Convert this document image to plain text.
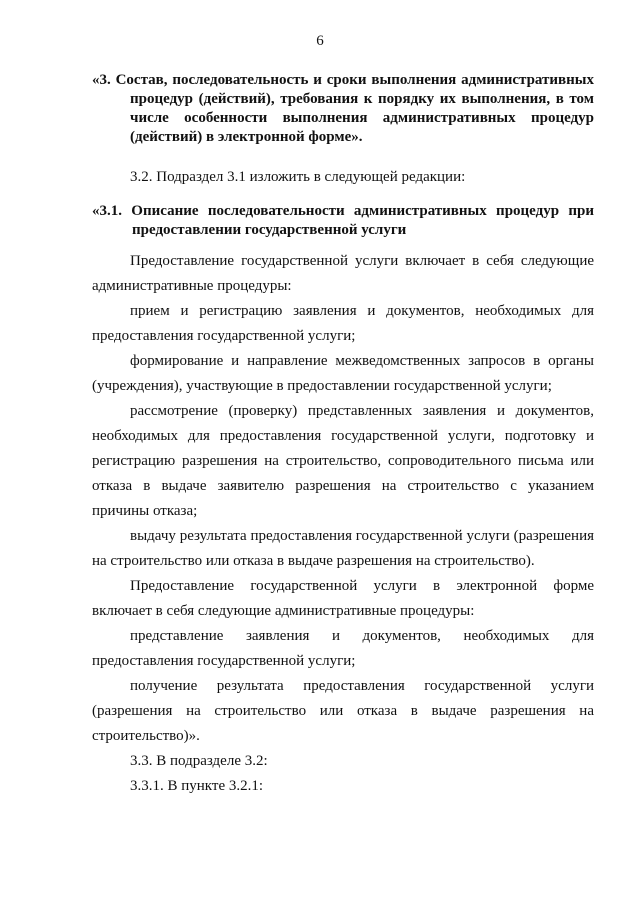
6

«3. Состав, последовательность и сроки выполнения административных процедур (действий), требования к порядку их выполнения, в том числе особенности выполнения административных процедур (действий) в электронной форме».

3.2. Подраздел 3.1 изложить в следующей редакции:

«3.1. Описание последовательности административных процедур при предоставлении государственной услуги

Предоставление государственной услуги включает в себя следующие административные процедуры:

прием и регистрацию заявления и документов, необходимых для предоставления государственной услуги;

формирование и направление межведомственных запросов в органы (учреждения), участвующие в предоставлении государственной услуги;

рассмотрение (проверку) представленных заявления и документов, необходимых для предоставления государственной услуги, подготовку и регистрацию разрешения на строительство, сопроводительного письма или отказа в выдаче заявителю разрешения на строительство с указанием причины отказа;

выдачу результата предоставления государственной услуги (разрешения на строительство или отказа в выдаче разрешения на строительство).

Предоставление государственной услуги в электронной форме включает в себя следующие административные процедуры:

представление заявления и документов, необходимых для предоставления государственной услуги;

получение результата предоставления государственной услуги (разрешения на строительство или отказа в выдаче разрешения на строительство)».

3.3. В подразделе 3.2:

3.3.1. В пункте 3.2.1:
